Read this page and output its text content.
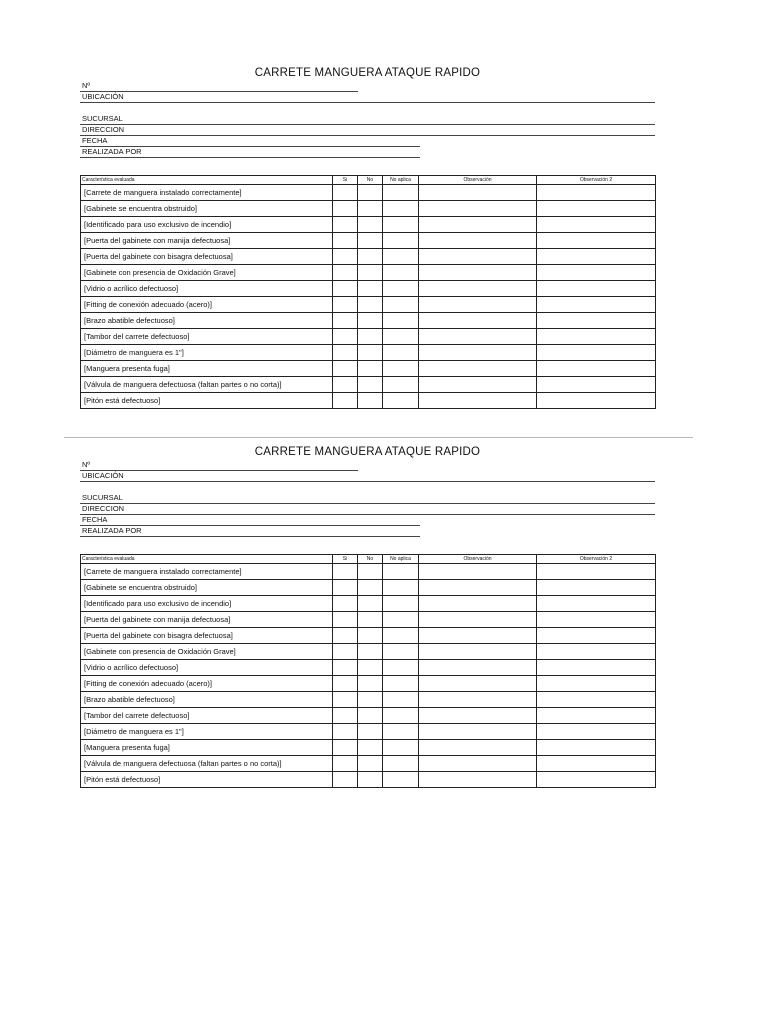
CARRETE MANGUERA ATAQUE RAPIDO
Nº
UBICACIÓN
SUCURSAL
DIRECCION
FECHA
REALIZADA POR
Característica evaluada	Si	No	No aplica	Observación	Observación 2
[Carrete de manguera instalado correctamente]					
[Gabinete se encuentra obstruido]					
[Identificado para uso exclusivo de incendio]					
[Puerta del gabinete con manija defectuosa]					
[Puerta del gabinete con bisagra defectuosa]					
[Gabinete con presencia de Oxidación Grave]					
[Vidrio o acrílico defectuoso]					
[Fitting de conexión adecuado (acero)]					
[Brazo abatible defectuoso]					
[Tambor del carrete defectuoso]					
[Diámetro de manguera es 1"]					
[Manguera presenta fuga]					
[Válvula de manguera defectuosa (faltan partes o no corta)]					
[Pitón está defectuoso]					
CARRETE MANGUERA ATAQUE RAPIDO
Nº
UBICACIÓN
SUCURSAL
DIRECCION
FECHA
REALIZADA POR
Característica evaluada	Si	No	No aplica	Observación	Observación 2
[Carrete de manguera instalado correctamente]					
[Gabinete se encuentra obstruido]					
[Identificado para uso exclusivo de incendio]					
[Puerta del gabinete con manija defectuosa]					
[Puerta del gabinete con bisagra defectuosa]					
[Gabinete con presencia de Oxidación Grave]					
[Vidrio o acrílico defectuoso]					
[Fitting de conexión adecuado (acero)]					
[Brazo abatible defectuoso]					
[Tambor del carrete defectuoso]					
[Diámetro de manguera es 1"]					
[Manguera presenta fuga]					
[Válvula de manguera defectuosa (faltan partes o no corta)]					
[Pitón está defectuoso]					
